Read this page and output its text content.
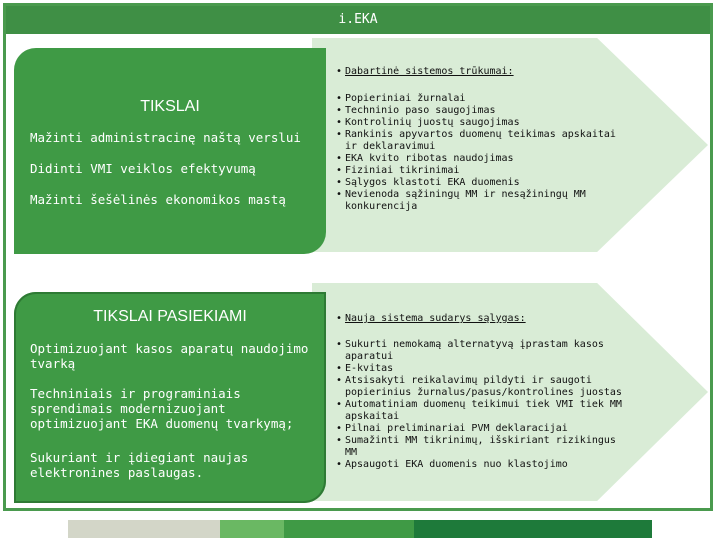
i.EKA
TIKSLAI
Mažinti administracinę naštą verslui
Didinti VMI veiklos efektyvumą
Mažinti šešėlinės ekonomikos mastą
TIKSLAI PASIEKIAMI
Optimizuojant kasos aparatų naudojimo tvarką
Techniniais ir programiniais sprendimais modernizuojant optimizuojant EKA duomenų tvarkymą;
Sukuriant ir įdiegiant naujas elektronines paslaugas.
• Dabartinė sistemos trūkumai:
• Popieriniai žurnalai
• Techninio paso saugojimas
• Kontrolinių juostų saugojimas
• Rankinis apyvartos duomenų teikimas apskaitai ir deklaravimui
• EKA kvito ribotas naudojimas
• Fiziniai tikrinimai
• Sąlygos klastoti EKA duomenis
• Nevienoda sąžiningų MM ir nesąžiningų MM konkurencija
• Nauja sistema sudarys sąlygas:
• Sukurti nemokamą alternatyvą įprastam kasos aparatui
• E-kvitas
• Atsisakyti reikalavimų pildyti ir saugoti popierinius žurnalus/pasus/kontrolines juostas
• Automatiniam duomenų teikimui tiek VMI tiek MM apskaitai
• Pilnai preliminariai PVM deklaracijai
• Sumažinti MM tikrinimų, išskiriant rizikingus MM
• Apsaugoti EKA duomenis nuo klastojimo
